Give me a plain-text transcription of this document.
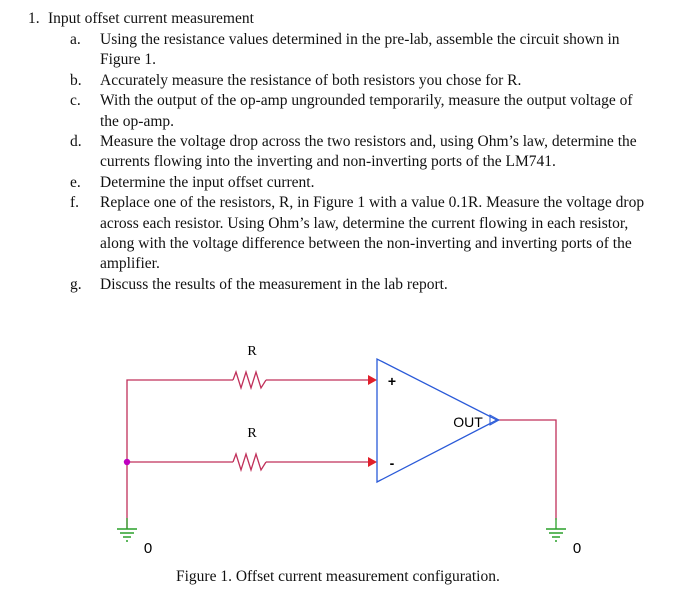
1. Input offset current measurement
a. Using the resistance values determined in the pre-lab, assemble the circuit shown in Figure 1.
b. Accurately measure the resistance of both resistors you chose for R.
c. With the output of the op-amp ungrounded temporarily, measure the output voltage of the op-amp.
d. Measure the voltage drop across the two resistors and, using Ohm’s law, determine the currents flowing into the inverting and non-inverting ports of the LM741.
e. Determine the input offset current.
f. Replace one of the resistors, R, in Figure 1 with a value 0.1R. Measure the voltage drop across each resistor. Using Ohm’s law, determine the current flowing in each resistor, along with the voltage difference between the non-inverting and inverting ports of the amplifier.
g. Discuss the results of the measurement in the lab report.
R
R
+
-
OUT
0	0
Figure 1. Offset current measurement configuration.
